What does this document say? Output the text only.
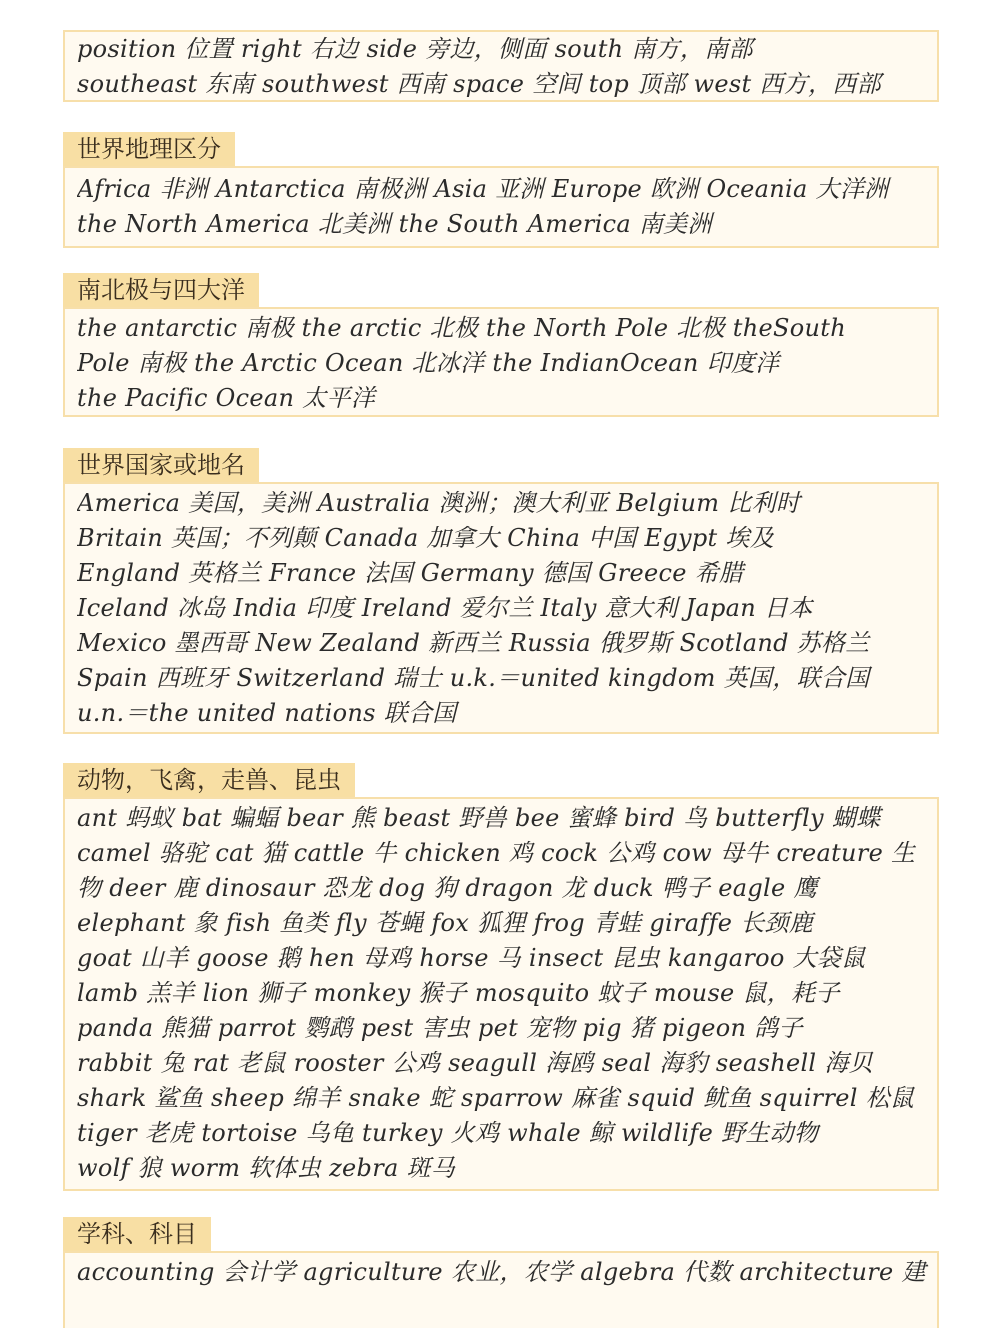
position 位置 right 右边 side 旁边，侧面 south 南方，南部
southeast 东南 southwest 西南 space 空间 top 顶部 west 西方，西部
世界地理区分
Africa 非洲 Antarctica 南极洲 Asia 亚洲 Europe 欧洲 Oceania 大洋洲
the North America 北美洲 the South America 南美洲
南北极与四大洋
the antarctic 南极 the arctic 北极 the North Pole 北极 theSouth
Pole 南极 the Arctic Ocean 北冰洋 the IndianOcean 印度洋
the Pacific Ocean 太平洋
世界国家或地名
America 美国，美洲 Australia 澳洲；澳大利亚 Belgium 比利时
Britain 英国；不列颠 Canada 加拿大 China 中国 Egypt 埃及
England 英格兰 France 法国 Germany 德国 Greece 希腊
Iceland 冰岛 India 印度 Ireland 爱尔兰 Italy 意大利 Japan 日本
Mexico 墨西哥 New Zealand 新西兰 Russia 俄罗斯 Scotland 苏格兰
Spain 西班牙 Switzerland 瑞士 u.k.＝united kingdom 英国，联合国
u.n.＝the united nations 联合国
动物，飞禽，走兽、昆虫
ant 蚂蚁 bat 蝙蝠 bear 熊 beast 野兽 bee 蜜蜂 bird 鸟 butterfly 蝴蝶
camel 骆驼 cat 猫 cattle 牛 chicken 鸡 cock 公鸡 cow 母牛 creature 生
物 deer 鹿 dinosaur 恐龙 dog 狗 dragon 龙 duck 鸭子 eagle 鹰
elephant 象 fish 鱼类 fly 苍蝇 fox 狐狸 frog 青蛙 giraffe 长颈鹿
goat 山羊 goose 鹅 hen 母鸡 horse 马 insect 昆虫 kangaroo 大袋鼠
lamb 羔羊 lion 狮子 monkey 猴子 mosquito 蚊子 mouse 鼠，耗子
panda 熊猫 parrot 鹦鹉 pest 害虫 pet 宠物 pig 猪 pigeon 鸽子
rabbit 兔 rat 老鼠 rooster 公鸡 seagull 海鸥 seal 海豹 seashell 海贝
shark 鲨鱼 sheep 绵羊 snake 蛇 sparrow 麻雀 squid 鱿鱼 squirrel 松鼠
tiger 老虎 tortoise 乌龟 turkey 火鸡 whale 鲸 wildlife 野生动物
wolf 狼 worm 软体虫 zebra 斑马
学科、科目
accounting 会计学 agriculture 农业，农学 algebra 代数 architecture 建
